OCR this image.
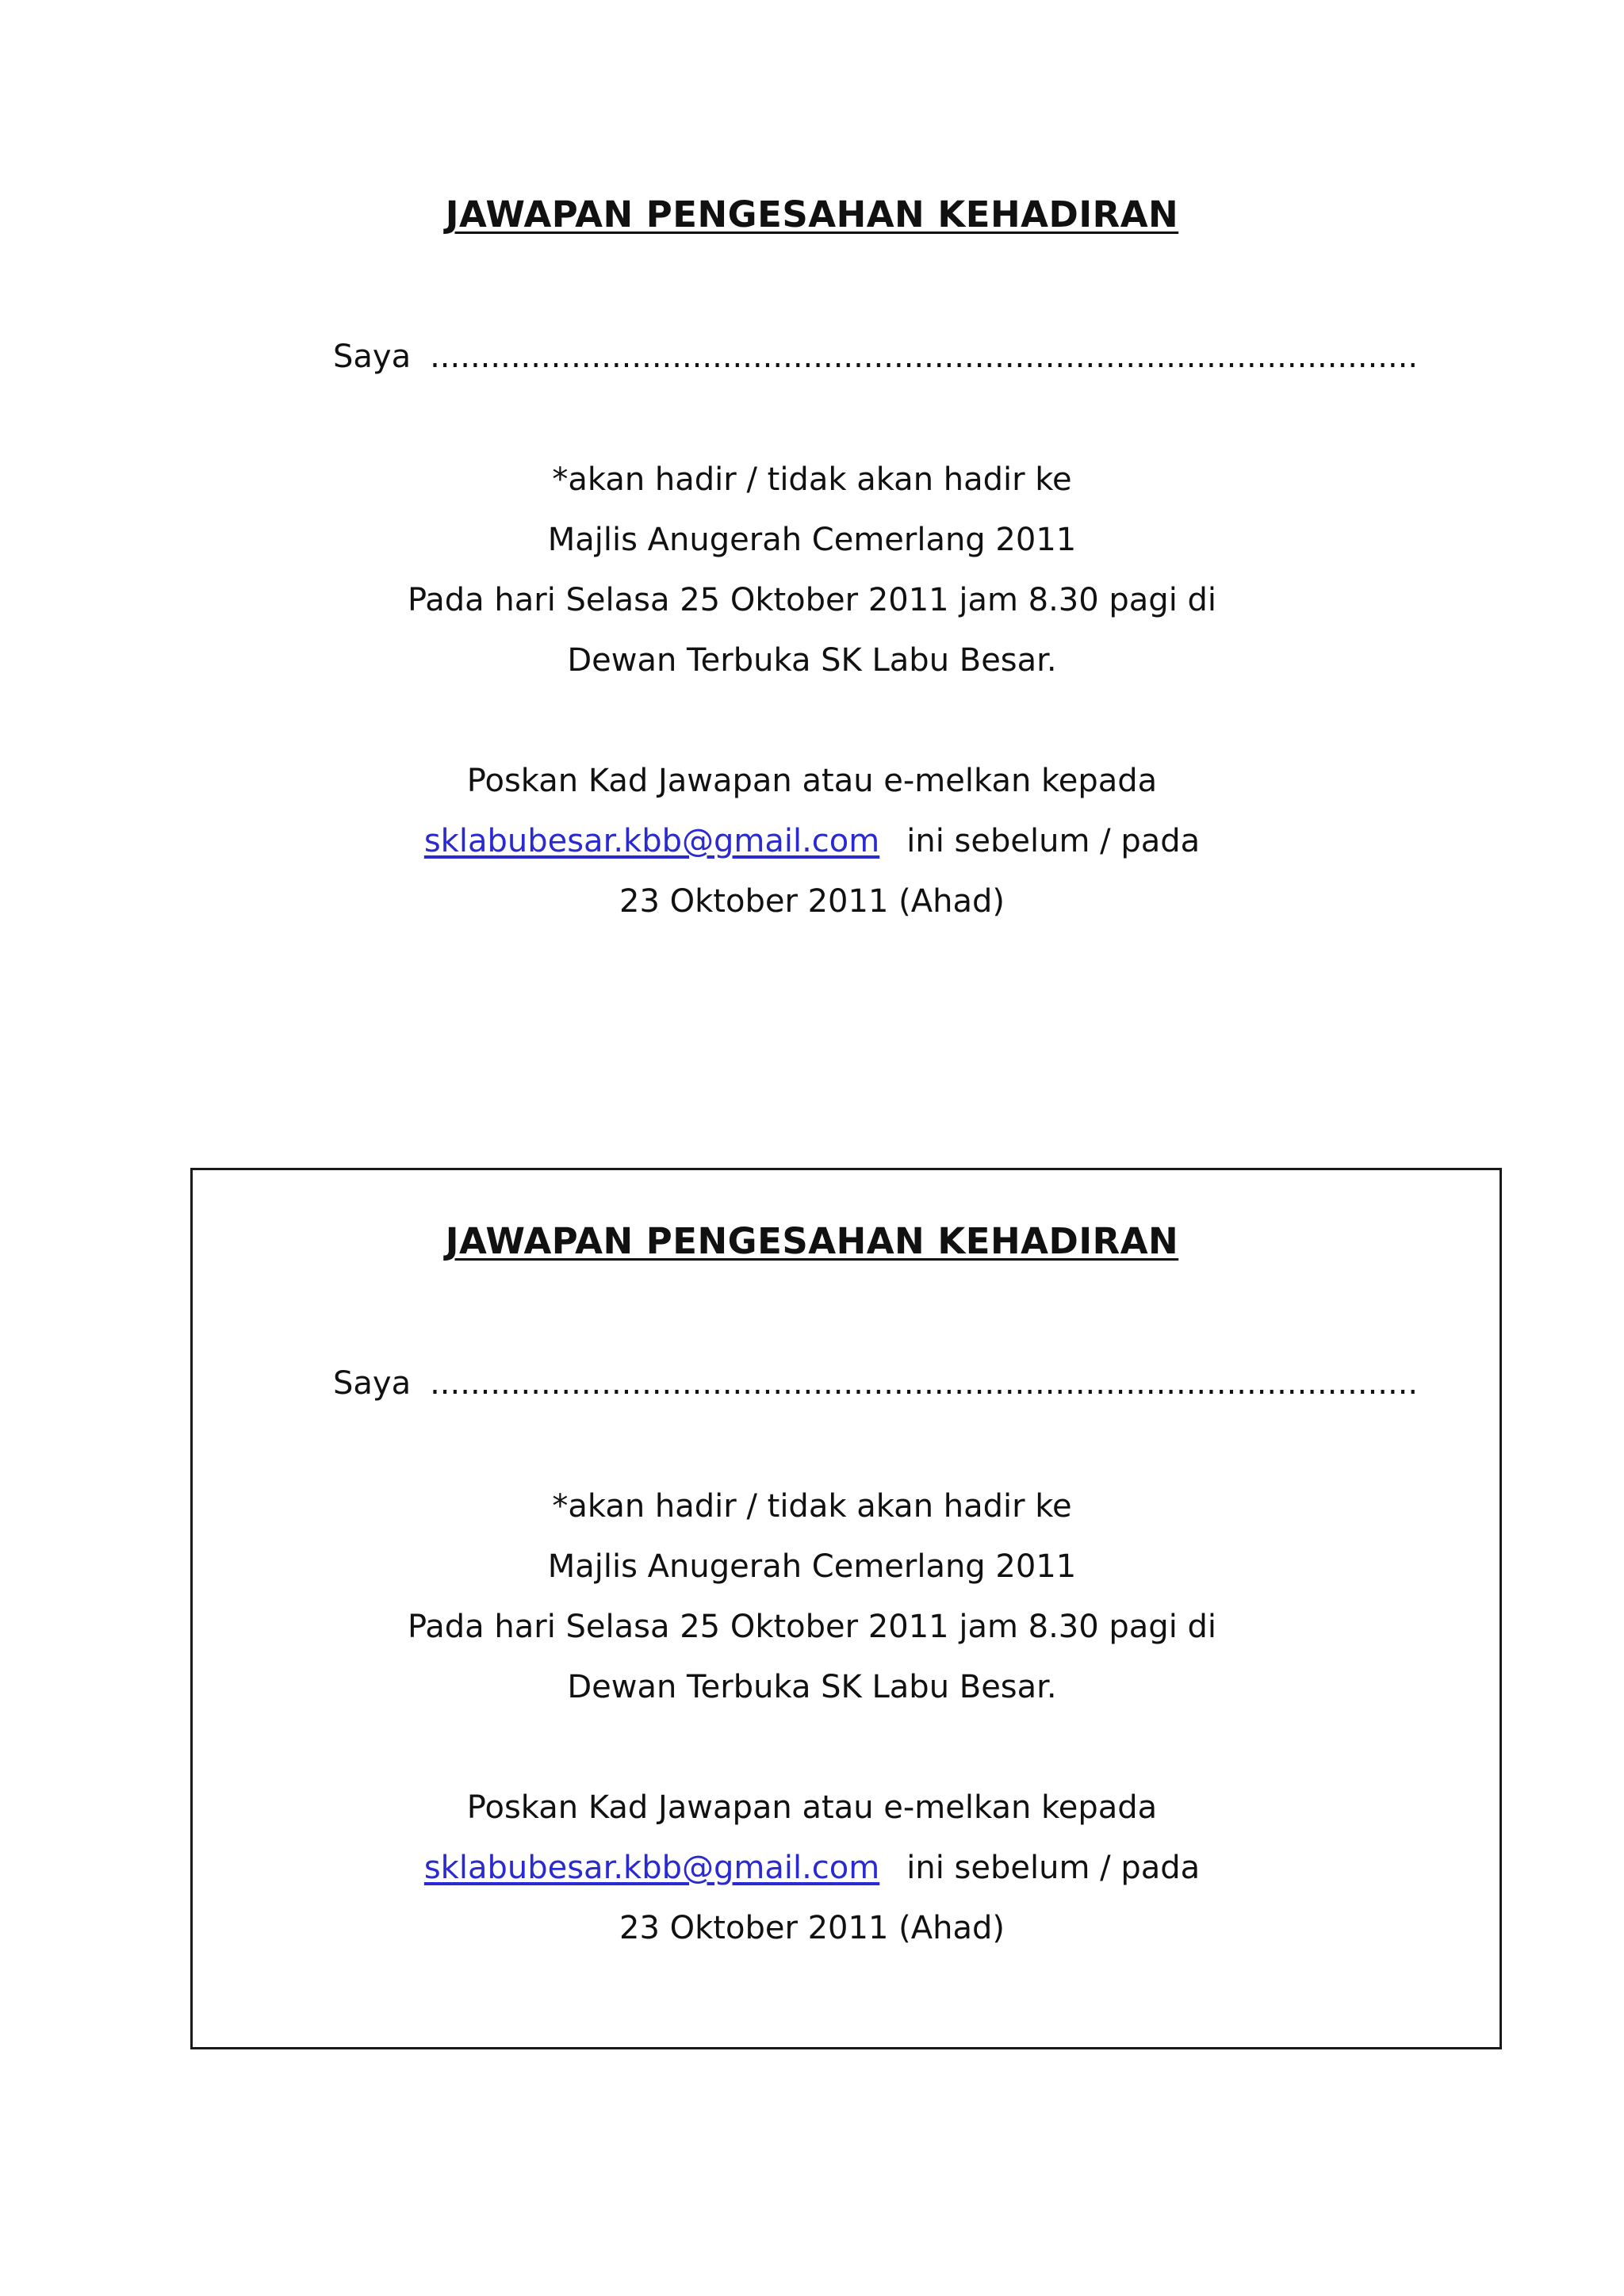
JAWAPAN PENGESAHAN KEHADIRAN
Saya ..................................................................................................
*akan hadir / tidak akan hadir ke
Majlis Anugerah Cemerlang 2011
Pada hari Selasa 25 Oktober 2011 jam 8.30 pagi di
Dewan Terbuka SK Labu Besar.
Poskan Kad Jawapan atau e-melkan kepada
sklabubesar.kbb@gmail.com ini sebelum / pada
23 Oktober 2011 (Ahad)
JAWAPAN PENGESAHAN KEHADIRAN
Saya ..................................................................................................
*akan hadir / tidak akan hadir ke
Majlis Anugerah Cemerlang 2011
Pada hari Selasa 25 Oktober 2011 jam 8.30 pagi di
Dewan Terbuka SK Labu Besar.
Poskan Kad Jawapan atau e-melkan kepada
sklabubesar.kbb@gmail.com ini sebelum / pada
23 Oktober 2011 (Ahad)
